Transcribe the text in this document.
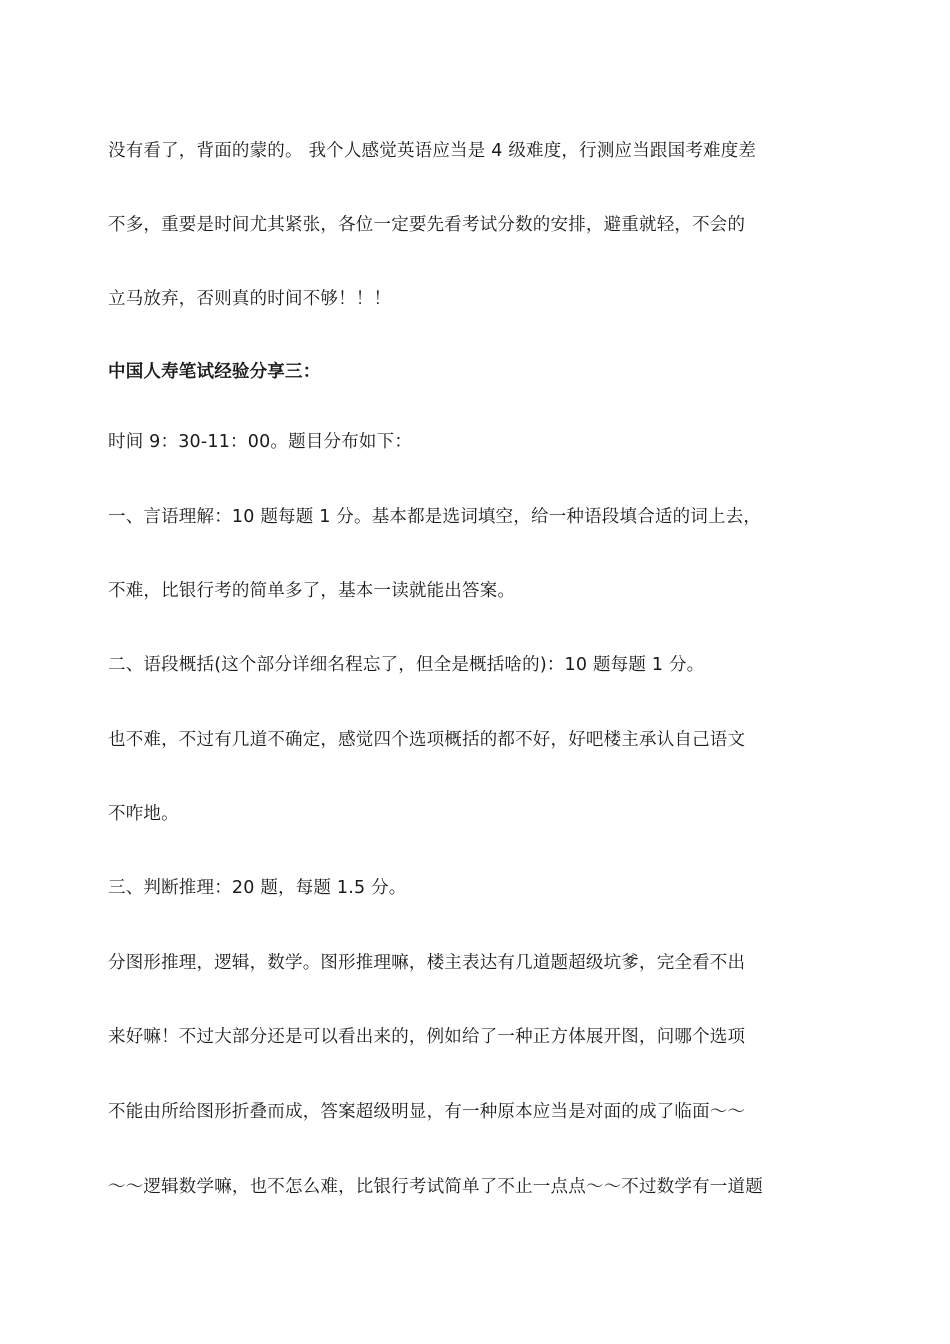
没有看了，背面的蒙的。 我个人感觉英语应当是 4 级难度，行测应当跟国考难度差
不多，重要是时间尤其紧张，各位一定要先看考试分数的安排，避重就轻，不会的
立马放弃，否则真的时间不够！！！
中国人寿笔试经验分享三：
时间 9：30-11：00。题目分布如下：
一、言语理解：10 题每题 1 分。基本都是选词填空，给一种语段填合适的词上去，
不难，比银行考的简单多了，基本一读就能出答案。
二、语段概括(这个部分详细名程忘了，但全是概括啥的)：10 题每题 1 分。
也不难，不过有几道不确定，感觉四个选项概括的都不好，好吧楼主承认自己语文
不咋地。
三、判断推理：20 题，每题 1.5 分。
分图形推理，逻辑，数学。图形推理嘛，楼主表达有几道题超级坑爹，完全看不出
来好嘛！不过大部分还是可以看出来的，例如给了一种正方体展开图，问哪个选项
不能由所给图形折叠而成，答案超级明显，有一种原本应当是对面的成了临面～～
～～逻辑数学嘛，也不怎么难，比银行考试简单了不止一点点～～不过数学有一道题
